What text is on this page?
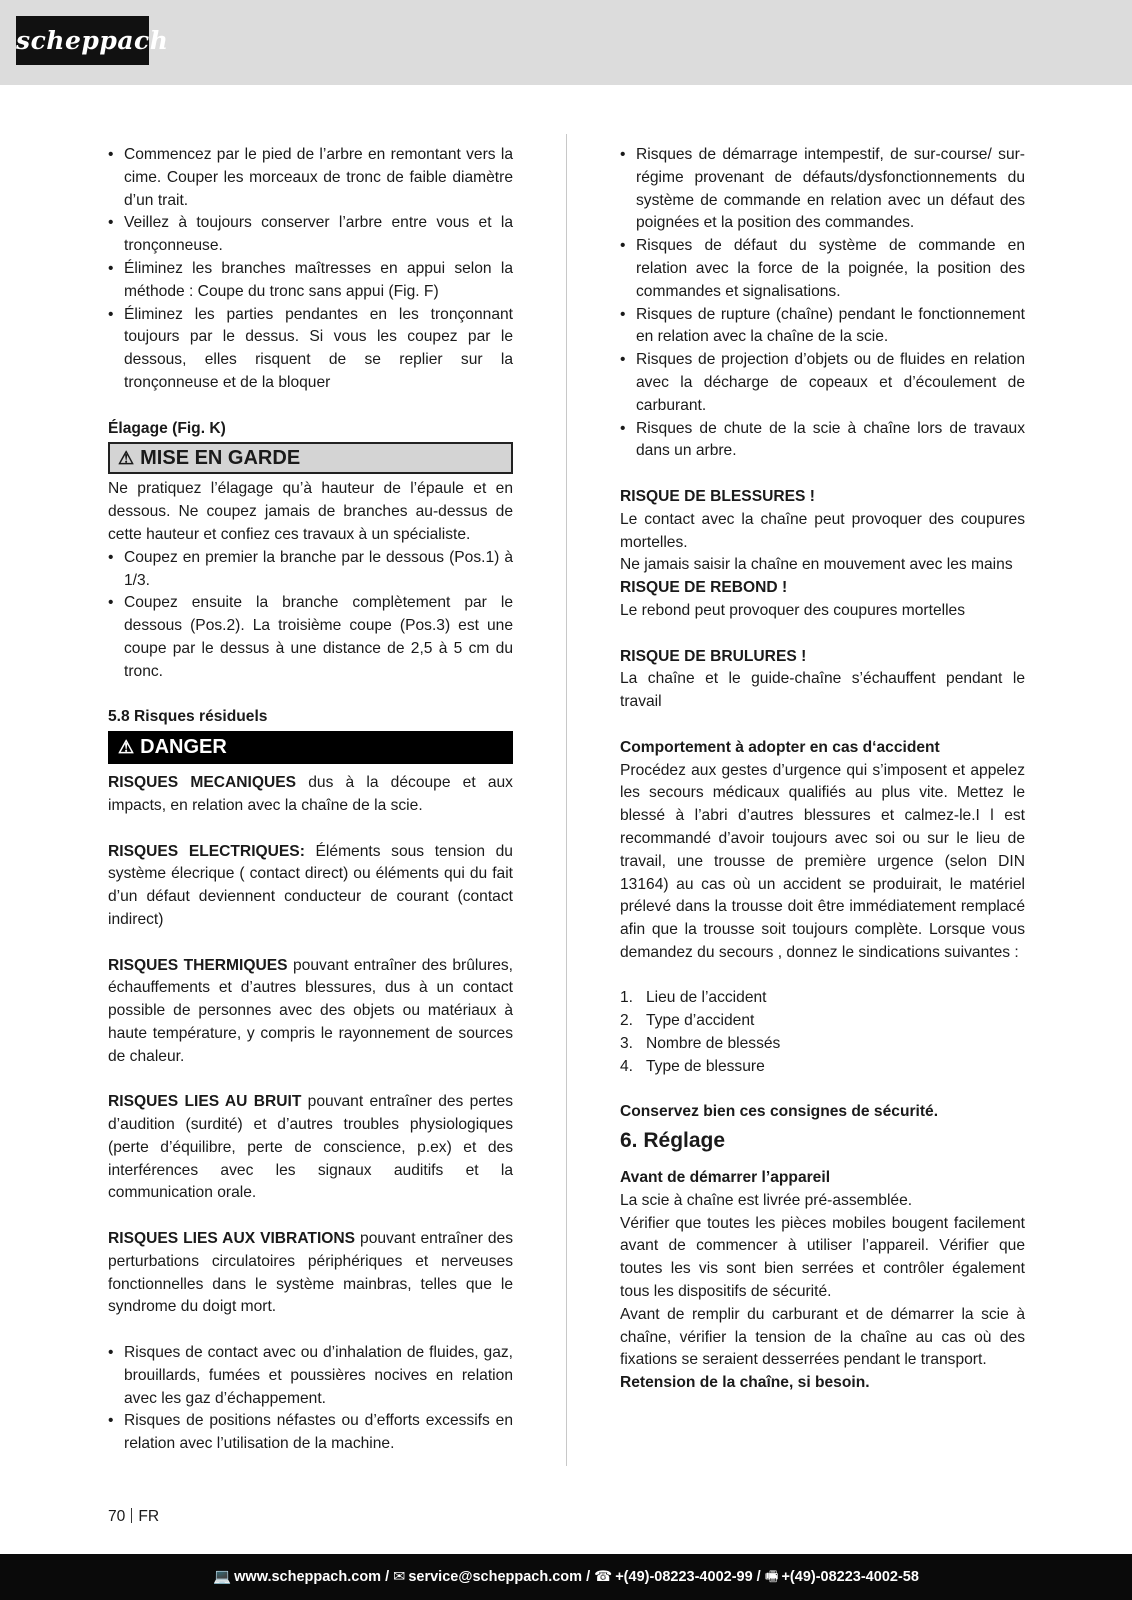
scheppach
• Commencez par le pied de l’arbre en remontant vers la cime. Couper les morceaux de tronc de faible diamètre d’un trait.
• Veillez à toujours conserver l’arbre entre vous et la tronçonneuse.
• Éliminez les branches maîtresses en appui selon la méthode : Coupe du tronc sans appui (Fig. F)
• Éliminez les parties pendantes en les tronçonnant toujours par le dessus. Si vous les coupez par le dessous, elles risquent de se replier sur la tronçonneuse et de la bloquer

Élagage (Fig. K)

⚠ MISE EN GARDE

Ne pratiquez l’élagage qu’à hauteur de l’épaule et en dessous. Ne coupez jamais de branches au-dessus de cette hauteur et confiez ces travaux à un spécialiste.

• Coupez en premier la branche par le dessous (Pos.1) à 1/3.
• Coupez ensuite la branche complètement par le dessous (Pos.2). La troisième coupe (Pos.3) est une coupe par le dessus à une distance de 2,5 à 5 cm du tronc.

5.8 Risques résiduels

⚠ DANGER

RISQUES MECANIQUES dus à la découpe et aux impacts, en relation avec la chaîne de la scie.

RISQUES ELECTRIQUES: Éléments sous tension du système élecrique ( contact direct) ou éléments qui du fait d’un défaut deviennent conducteur de courant (contact indirect)

RISQUES THERMIQUES pouvant entraîner des brûlures, échauffements et d’autres blessures, dus à un contact possible de personnes avec des objets ou matériaux à haute température, y compris le rayonnement de sources de chaleur.

RISQUES LIES AU BRUIT pouvant entraîner des pertes d’audition (surdité) et d’autres troubles physiologiques (perte d’équilibre, perte de conscience, p.ex) et des interférences avec les signaux auditifs et la communication orale.

RISQUES LIES AUX VIBRATIONS pouvant entraîner des perturbations circulatoires périphériques et nerveuses fonctionnelles dans le système mainbras, telles que le syndrome du doigt mort.

• Risques de contact avec ou d’inhalation de fluides, gaz, brouillards, fumées et poussières nocives en relation avec les gaz d’échappement.
• Risques de positions néfastes ou d’efforts excessifs en relation avec l’utilisation de la machine.
• Risques de démarrage intempestif, de sur-course/ sur-régime provenant de défauts/dysfonctionnements du système de commande en relation avec un défaut des poignées et la position des commandes.
• Risques de défaut du système de commande en relation avec la force de la poignée, la position des commandes et signalisations.
• Risques de rupture (chaîne) pendant le fonctionnement en relation avec la chaîne de la scie.
• Risques de projection d’objets ou de fluides en relation avec la décharge de copeaux et d’écoulement de carburant.
• Risques de chute de la scie à chaîne lors de travaux dans un arbre.

RISQUE DE BLESSURES !

Le contact avec la chaîne peut provoquer des coupures mortelles.

Ne jamais saisir la chaîne en mouvement avec les mains

RISQUE DE REBOND !

Le rebond peut provoquer des coupures mortelles

RISQUE DE BRULURES !

La chaîne et le guide-chaîne s’échauffent pendant le travail

Comportement à adopter en cas d‘accident

Procédez aux gestes d’urgence qui s’imposent et appelez les secours médicaux qualifiés au plus vite. Mettez le blessé à l’abri d’autres blessures et calmez-le.I l est recommandé d’avoir toujours avec soi ou sur le lieu de travail, une trousse de première urgence (selon DIN 13164) au cas où un accident se produirait, le matériel prélevé dans la trousse doit être immédiatement remplacé afin que la trousse soit toujours complète. Lorsque vous demandez du secours , donnez le sindications suivantes :

1. Lieu de l’accident
2. Type d’accident
3. Nombre de blessés
4. Type de blessure

Conservez bien ces consignes de sécurité.

6. Réglage

Avant de démarrer l’appareil

La scie à chaîne est livrée pré-assemblée.

Vérifier que toutes les pièces mobiles bougent facilement avant de commencer à utiliser l’appareil. Vérifier que toutes les vis sont bien serrées et contrôler également tous les dispositifs de sécurité.

Avant de remplir du carburant et de démarrer la scie à chaîne, vérifier la tension de la chaîne au cas où des fixations se seraient desserrées pendant le transport.

Retension de la chaîne, si besoin.

70 FR
💻 www.scheppach.com / ✉ service@scheppach.com / ☎ +(49)-08223-4002-99 / 🖷 +(49)-08223-4002-58
